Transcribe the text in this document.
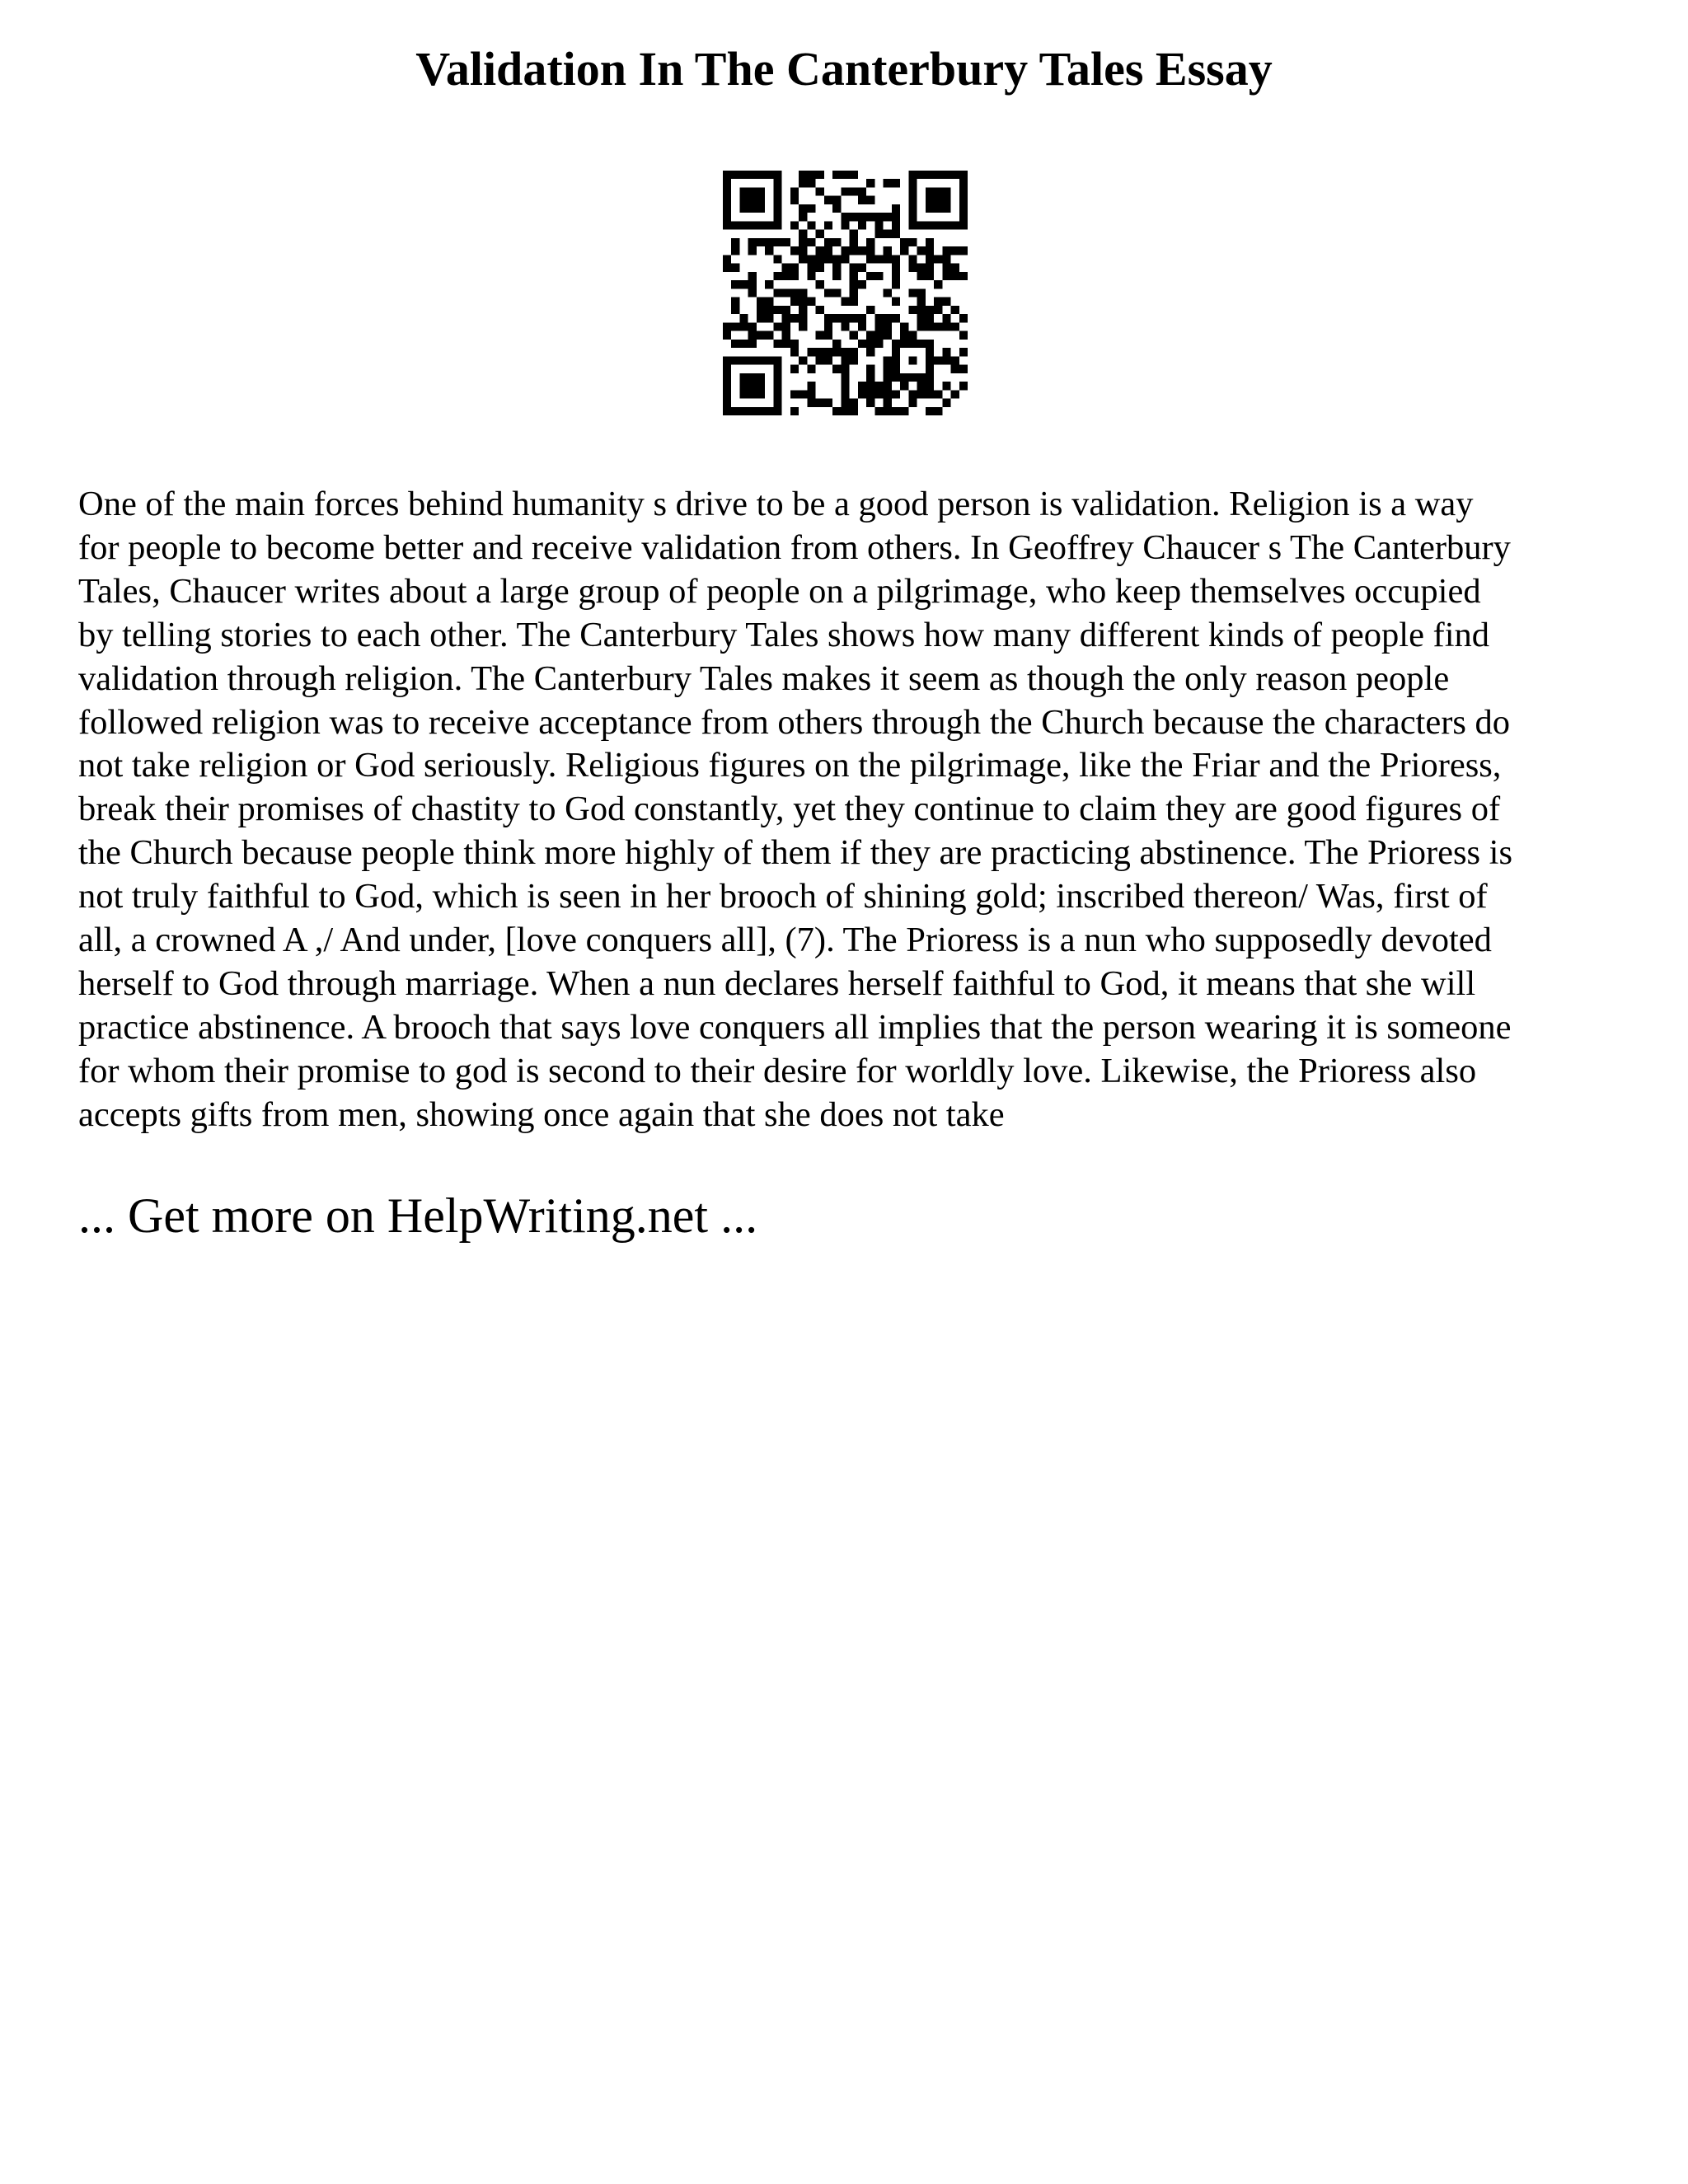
Validation In The Canterbury Tales Essay

One of the main forces behind humanity s drive to be a good person is validation. Religion is a way
for people to become better and receive validation from others. In Geoffrey Chaucer s The Canterbury
Tales, Chaucer writes about a large group of people on a pilgrimage, who keep themselves occupied
by telling stories to each other. The Canterbury Tales shows how many different kinds of people find
validation through religion. The Canterbury Tales makes it seem as though the only reason people
followed religion was to receive acceptance from others through the Church because the characters do
not take religion or God seriously. Religious figures on the pilgrimage, like the Friar and the Prioress,
break their promises of chastity to God constantly, yet they continue to claim they are good figures of
the Church because people think more highly of them if they are practicing abstinence. The Prioress is
not truly faithful to God, which is seen in her brooch of shining gold; inscribed thereon/ Was, first of
all, a crowned A ,/ And under, [love conquers all], (7). The Prioress is a nun who supposedly devoted
herself to God through marriage. When a nun declares herself faithful to God, it means that she will
practice abstinence. A brooch that says love conquers all implies that the person wearing it is someone
for whom their promise to god is second to their desire for worldly love. Likewise, the Prioress also
accepts gifts from men, showing once again that she does not take

... Get more on HelpWriting.net ...
